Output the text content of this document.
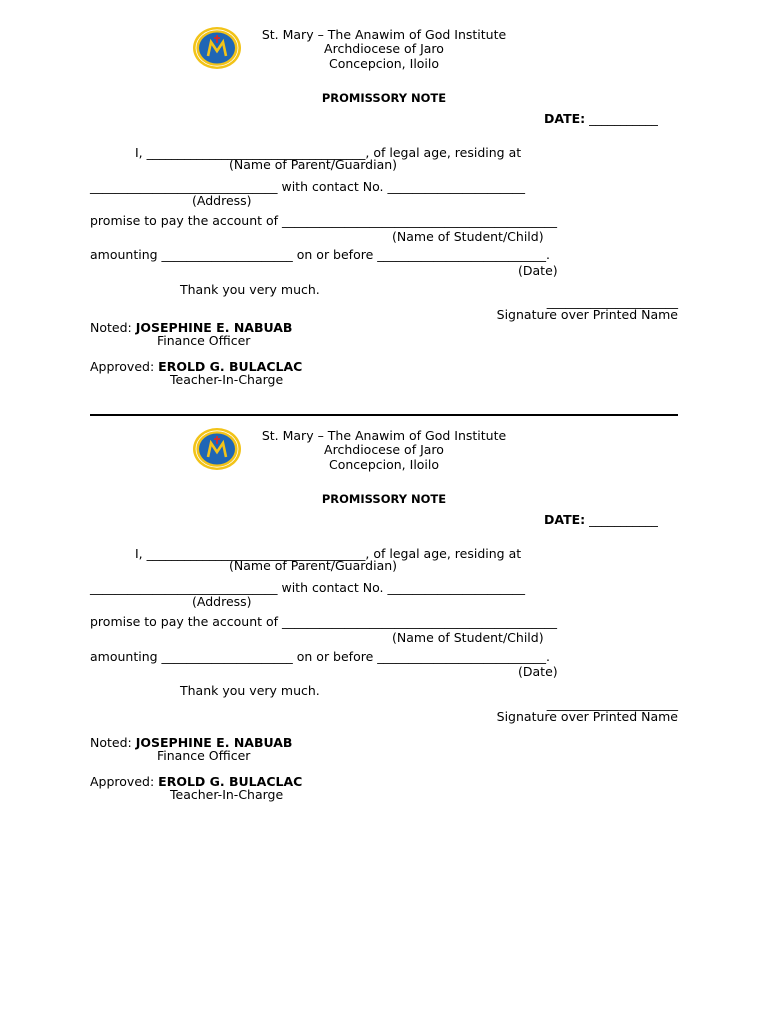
St. Mary – The Anawim of God Institute
Archdiocese of Jaro
Concepcion, Iloilo
PROMISSORY NOTE
DATE: ___________
I, ___________________________________, of legal age, residing at
(Name of Parent/Guardian)
______________________________ with contact No. ______________________
(Address)
promise to pay the account of ____________________________________________
(Name of Student/Child)
amounting _____________________ on or before ___________________________.
(Date)
Thank you very much.
_____________________
Signature over Printed Name
Noted: JOSEPHINE E. NABUAB
Finance Officer
Approved: EROLD G. BULACLAC
Teacher-In-Charge
St. Mary – The Anawim of God Institute
Archdiocese of Jaro
Concepcion, Iloilo
PROMISSORY NOTE
DATE: ___________
I, ___________________________________, of legal age, residing at
(Name of Parent/Guardian)
______________________________ with contact No. ______________________
(Address)
promise to pay the account of ____________________________________________
(Name of Student/Child)
amounting _____________________ on or before ___________________________.
(Date)
Thank you very much.
_____________________
Signature over Printed Name
Noted: JOSEPHINE E. NABUAB
Finance Officer
Approved: EROLD G. BULACLAC
Teacher-In-Charge
